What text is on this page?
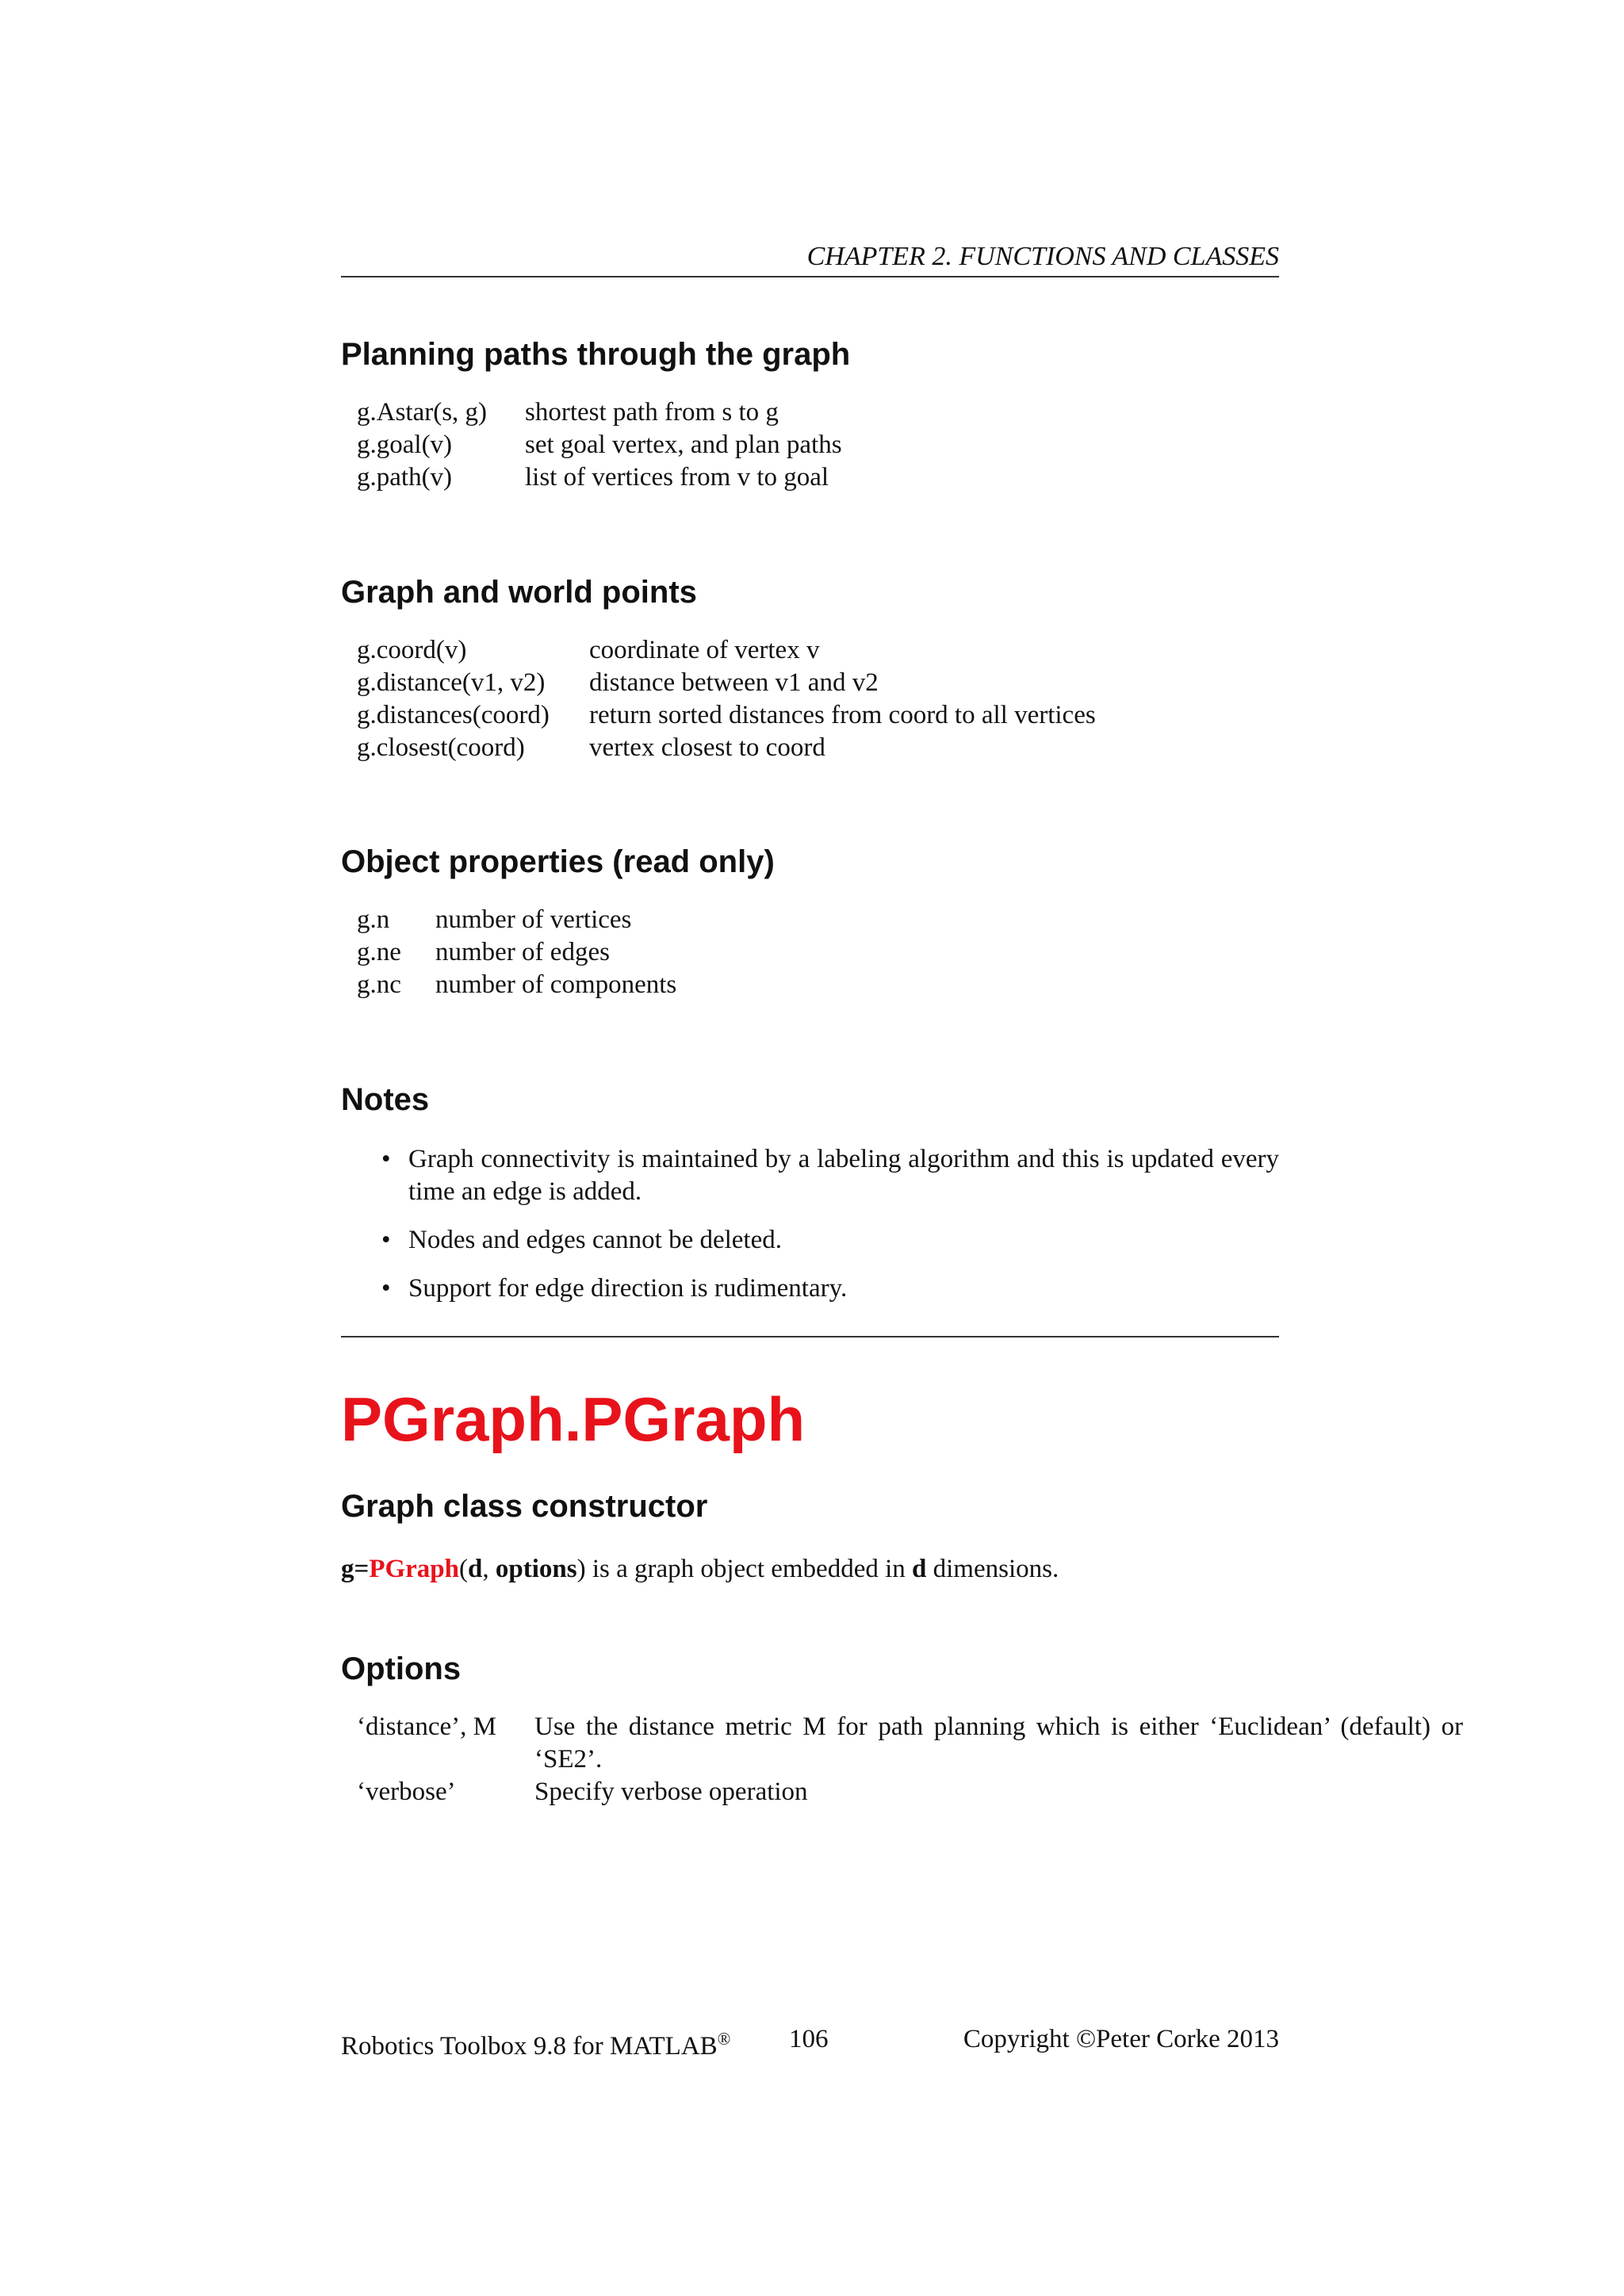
CHAPTER 2. FUNCTIONS AND CLASSES
Planning paths through the graph
g.Astar(s, g)	shortest path from s to g
g.goal(v)	set goal vertex, and plan paths
g.path(v)	list of vertices from v to goal
Graph and world points
g.coord(v)	coordinate of vertex v
g.distance(v1, v2)	distance between v1 and v2
g.distances(coord)	return sorted distances from coord to all vertices
g.closest(coord)	vertex closest to coord
Object properties (read only)
g.n	number of vertices
g.ne	number of edges
g.nc	number of components
Notes
• Graph connectivity is maintained by a labeling algorithm and this is updated every time an edge is added.
• Nodes and edges cannot be deleted.
• Support for edge direction is rudimentary.
PGraph.PGraph
Graph class constructor
g=PGraph(d, options) is a graph object embedded in d dimensions.
Options
‘distance’, M	Use the distance metric M for path planning which is either ‘Euclidean’ (default) or ‘SE2’.
‘verbose’	Specify verbose operation
Robotics Toolbox 9.8 for MATLAB® 106	Copyright ©Peter Corke 2013
